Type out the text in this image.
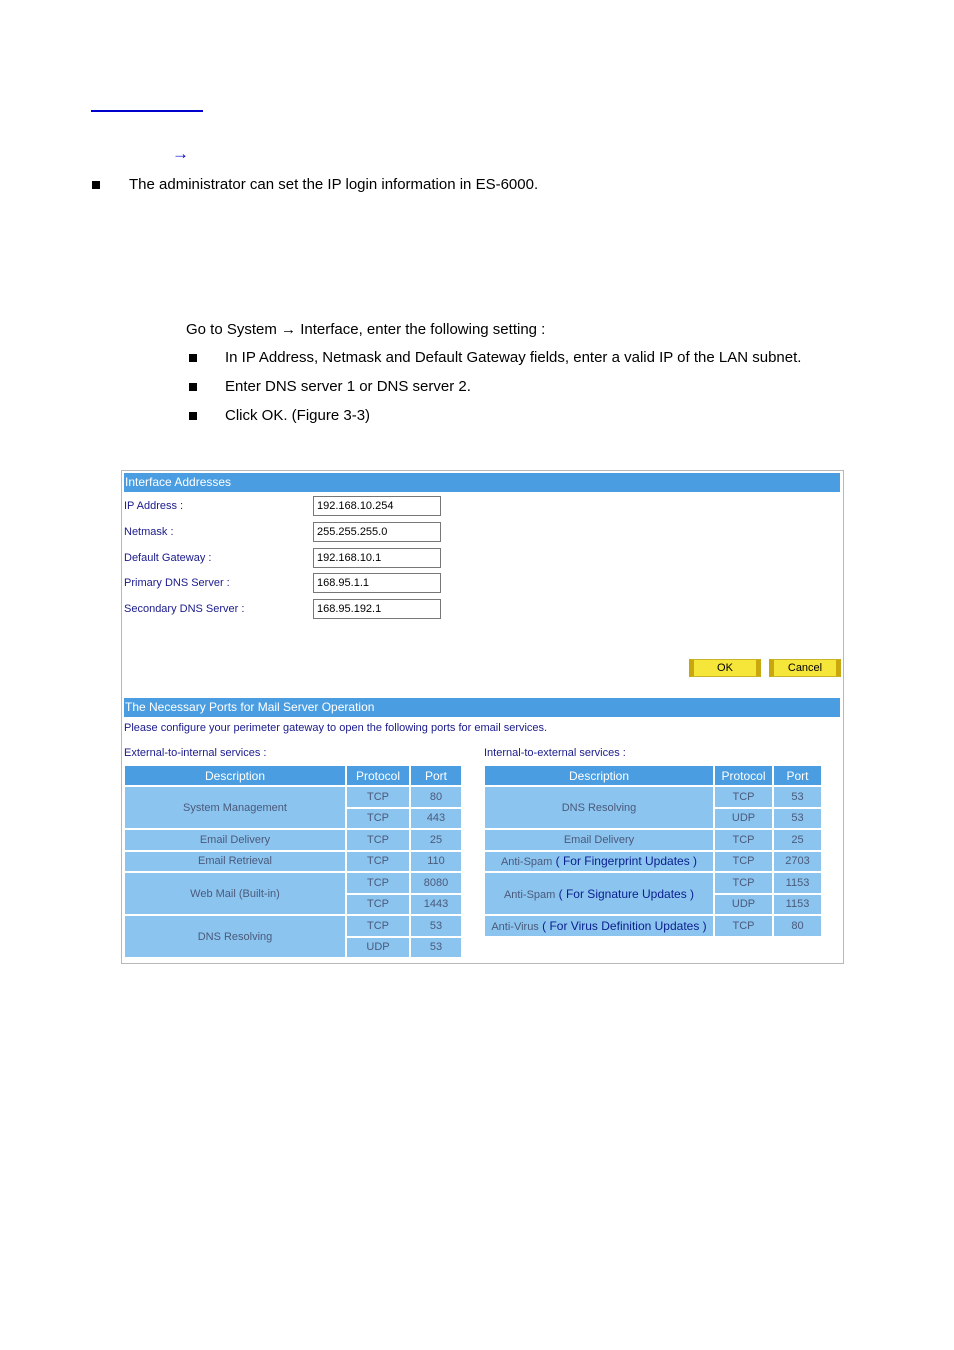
→
The administrator can set the IP login information in ES-6000.
Go to System → Interface, enter the following setting :
In IP Address, Netmask and Default Gateway fields, enter a valid IP of the LAN subnet.
Enter DNS server 1 or DNS server 2.
Click OK. (Figure 3-3)
Interface Addresses
IP Address :
192.168.10.254
Netmask :
255.255.255.0
Default Gateway :
192.168.10.1
Primary DNS Server :
168.95.1.1
Secondary DNS Server :
168.95.192.1
OK	Cancel
The Necessary Ports for Mail Server Operation
Please configure your perimeter gateway to open the following ports for email services.
External-to-internal services :	Internal-to-external services :
Description	Protocol	Port
System Management	TCP	80
	TCP	443
Email Delivery	TCP	25
Email Retrieval	TCP	110
Web Mail (Built-in)	TCP	8080
	TCP	1443
DNS Resolving	TCP	53
	UDP	53
Description	Protocol	Port
DNS Resolving	TCP	53
	UDP	53
Email Delivery	TCP	25
Anti-Spam ( For Fingerprint Updates )	TCP	2703
Anti-Spam ( For Signature Updates )	TCP	1153
	UDP	1153
Anti-Virus ( For Virus Definition Updates )	TCP	80
